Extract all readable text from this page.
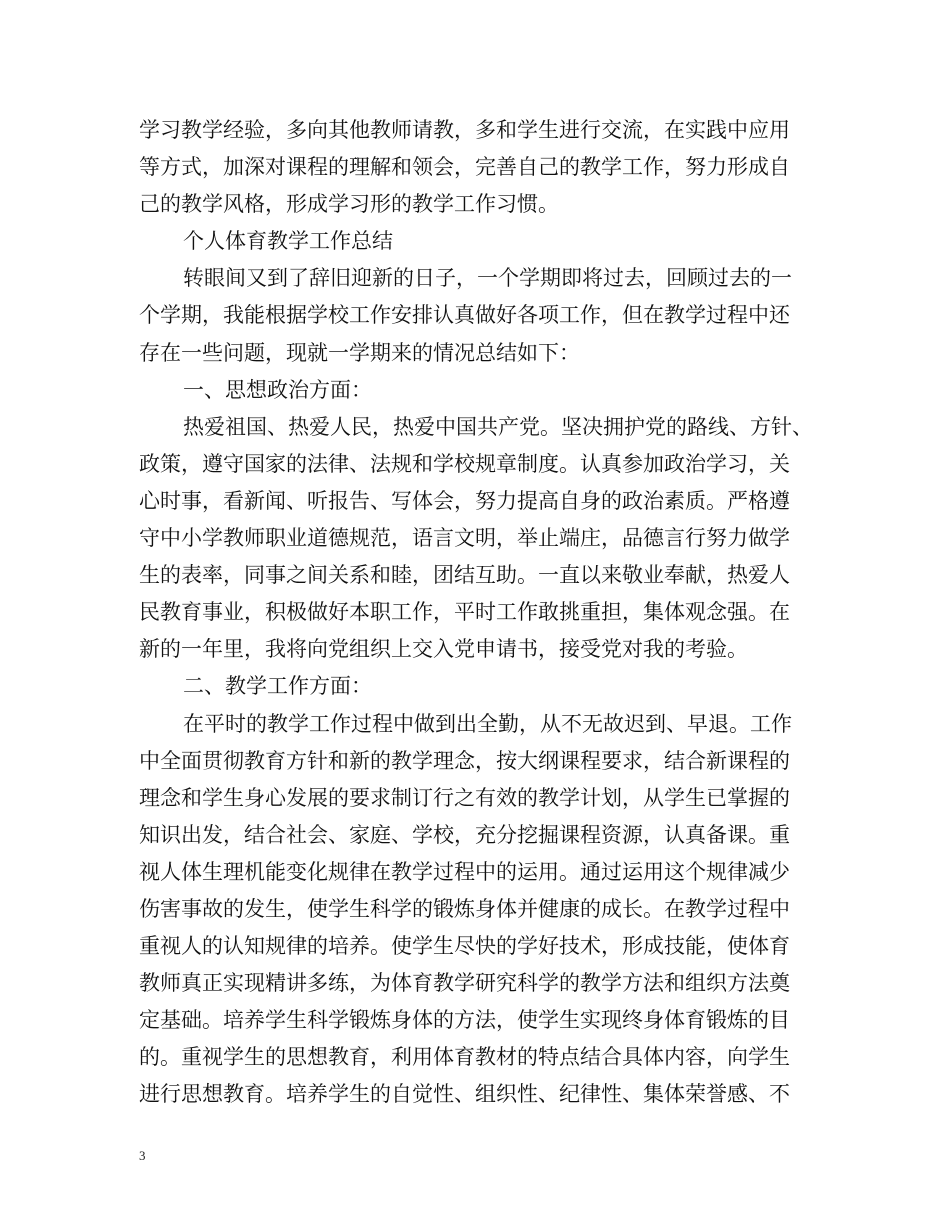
学习教学经验，多向其他教师请教，多和学生进行交流，在实践中应用
等方式，加深对课程的理解和领会，完善自己的教学工作，努力形成自
己的教学风格，形成学习形的教学工作习惯。
个人体育教学工作总结
转眼间又到了辞旧迎新的日子，一个学期即将过去，回顾过去的一
个学期，我能根据学校工作安排认真做好各项工作，但在教学过程中还
存在一些问题，现就一学期来的情况总结如下：
一、思想政治方面：
热爱祖国、热爱人民，热爱中国共产党。坚决拥护党的路线、方针、
政策，遵守国家的法律、法规和学校规章制度。认真参加政治学习，关
心时事，看新闻、听报告、写体会，努力提高自身的政治素质。严格遵
守中小学教师职业道德规范，语言文明，举止端庄，品德言行努力做学
生的表率，同事之间关系和睦，团结互助。一直以来敬业奉献，热爱人
民教育事业，积极做好本职工作，平时工作敢挑重担，集体观念强。在
新的一年里，我将向党组织上交入党申请书，接受党对我的考验。
二、教学工作方面：
在平时的教学工作过程中做到出全勤，从不无故迟到、早退。工作
中全面贯彻教育方针和新的教学理念，按大纲课程要求，结合新课程的
理念和学生身心发展的要求制订行之有效的教学计划，从学生已掌握的
知识出发，结合社会、家庭、学校，充分挖掘课程资源，认真备课。重
视人体生理机能变化规律在教学过程中的运用。通过运用这个规律减少
伤害事故的发生，使学生科学的锻炼身体并健康的成长。在教学过程中
重视人的认知规律的培养。使学生尽快的学好技术，形成技能，使体育
教师真正实现精讲多练，为体育教学研究科学的教学方法和组织方法奠
定基础。培养学生科学锻炼身体的方法，使学生实现终身体育锻炼的目
的。重视学生的思想教育，利用体育教材的特点结合具体内容，向学生
进行思想教育。培养学生的自觉性、组织性、纪律性、集体荣誉感、不
3
